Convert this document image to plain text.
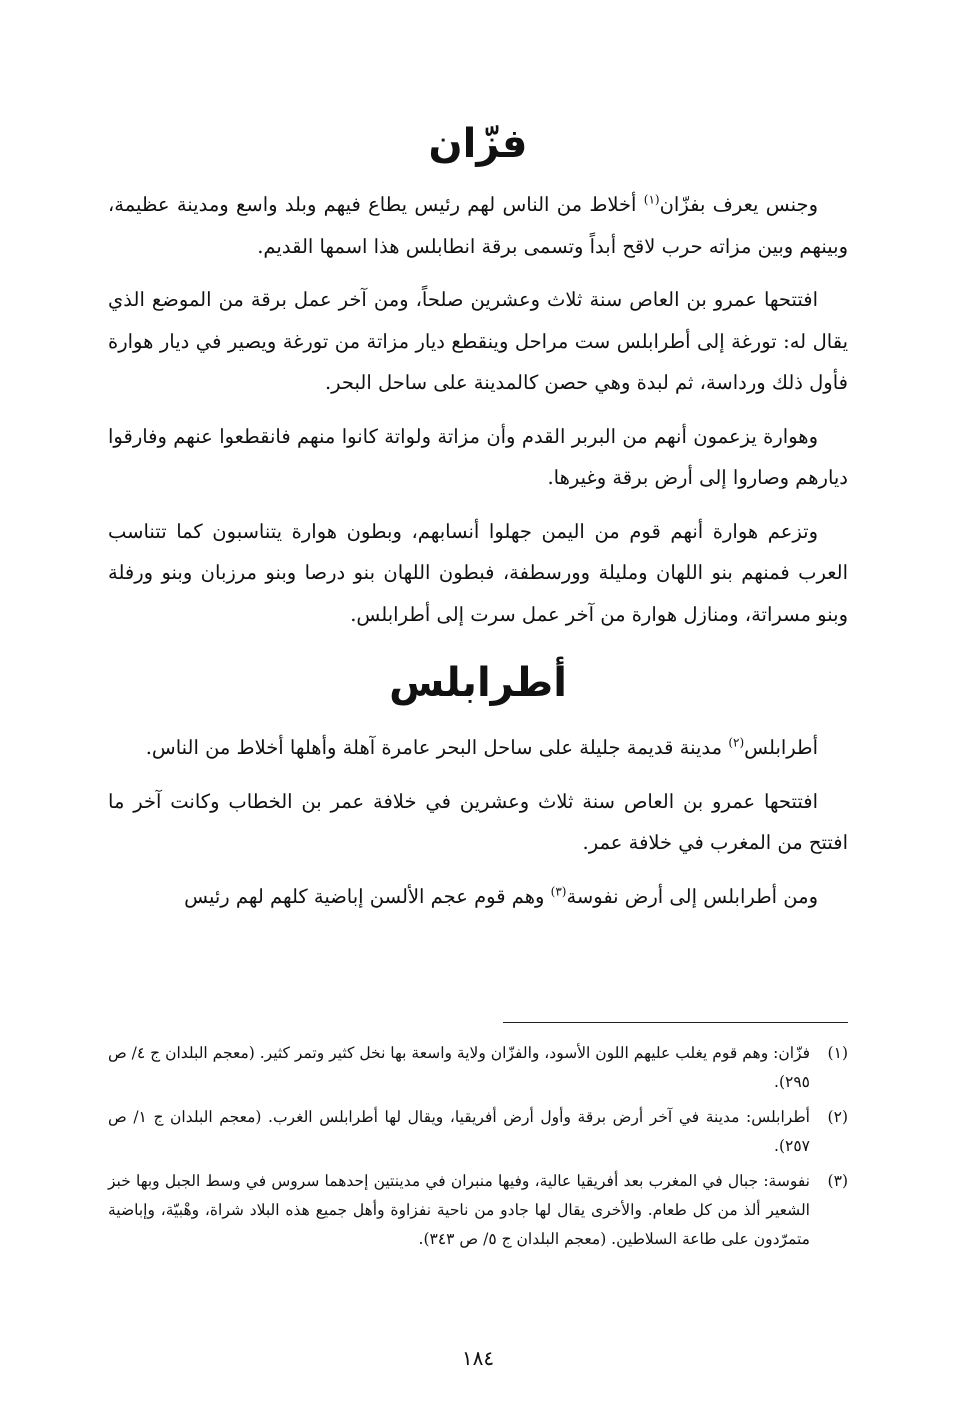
فزّان

وجنس يعرف بفزّان$^{(١)}$ أخلاط من الناس لهم رئيس يطاع فيهم وبلد واسع ومدينة عظيمة، وبينهم وبين مزاته حرب لاقح أبداً وتسمى برقة انطابلس هذا اسمها القديم.

افتتحها عمرو بن العاص سنة ثلاث وعشرين صلحاً، ومن آخر عمل برقة من الموضع الذي يقال له: تورغة إلى أطرابلس ست مراحل وينقطع ديار مزاتة من تورغة ويصير في ديار هوارة فأول ذلك ورداسة، ثم لبدة وهي حصن كالمدينة على ساحل البحر.

وهوارة يزعمون أنهم من البربر القدم وأن مزاتة ولواتة كانوا منهم فانقطعوا عنهم وفارقوا ديارهم وصاروا إلى أرض برقة وغيرها.

وتزعم هوارة أنهم قوم من اليمن جهلوا أنسابهم، وبطون هوارة يتناسبون كما تتناسب العرب فمنهم بنو اللهان ومليلة وورسطفة، فبطون اللهان بنو درصا وبنو مرزبان وبنو ورفلة وبنو مسراتة، ومنازل هوارة من آخر عمل سرت إلى أطرابلس.

أطرابلس

أطرابلس$^{(٢)}$ مدينة قديمة جليلة على ساحل البحر عامرة آهلة وأهلها أخلاط من الناس.

افتتحها عمرو بن العاص سنة ثلاث وعشرين في خلافة عمر بن الخطاب وكانت آخر ما افتتح من المغرب في خلافة عمر.

ومن أطرابلس إلى أرض نفوسة$^{(٣)}$ وهم قوم عجم الألسن إباضية كلهم لهم رئيس

(١)
فزّان: وهم قوم يغلب عليهم اللون الأسود، والفزّان ولاية واسعة بها نخل كثير وتمر كثير. (معجم البلدان ج ٤/ ص ٢٩٥).
(٢)
أطرابلس: مدينة في آخر أرض برقة وأول أرض أفريقيا، ويقال لها أطرابلس الغرب. (معجم البلدان ج ١/ ص ٢٥٧).
(٣)
نفوسة: جبال في المغرب بعد أفريقيا عالية، وفيها منبران في مدينتين إحدهما سروس في وسط الجبل وبها خبز الشعير ألذ من كل طعام. والأخرى يقال لها جادو من ناحية نفزاوة وأهل جميع هذه البلاد شراة، وهْبيّة، وإباضية متمرّدون على طاعة السلاطين. (معجم البلدان ج ٥/ ص ٣٤٣).
١٨٤
